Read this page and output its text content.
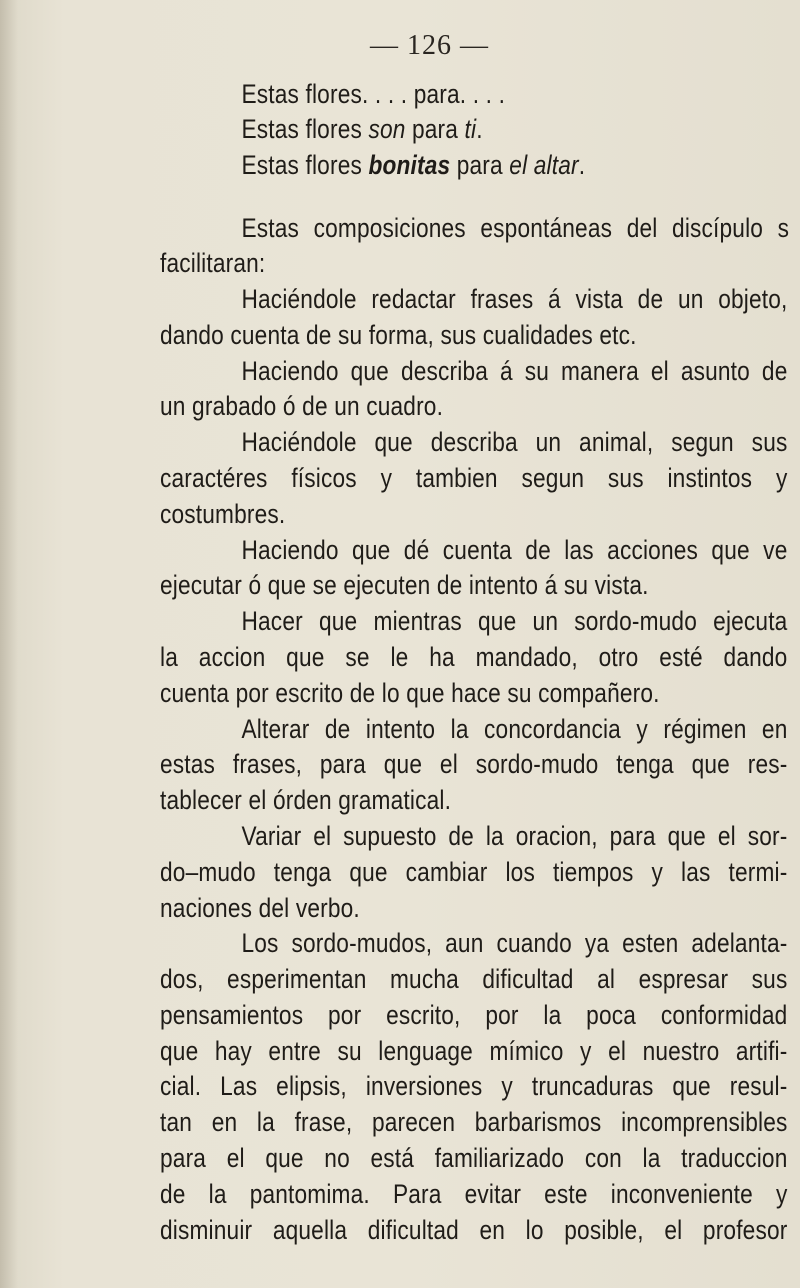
— 126 —
Estas flores. . . . para. . . .
Estas flores son para ti.
Estas flores bonitas para el altar.
Estas composiciones espontáneas del discípulo s
facilitaran:
Haciéndole redactar frases á vista de un objeto,
dando cuenta de su forma, sus cualidades etc.
Haciendo que describa á su manera el asunto de
un grabado ó de un cuadro.
Haciéndole que describa un animal, segun sus
caractéres físicos y tambien segun sus instintos y
costumbres.
Haciendo que dé cuenta de las acciones que ve
ejecutar ó que se ejecuten de intento á su vista.
Hacer que mientras que un sordo-mudo ejecuta
la accion que se le ha mandado, otro esté dando
cuenta por escrito de lo que hace su compañero.
Alterar de intento la concordancia y régimen en
estas frases, para que el sordo-mudo tenga que res-
tablecer el órden gramatical.
Variar el supuesto de la oracion, para que el sor-
do–mudo tenga que cambiar los tiempos y las termi-
naciones del verbo.
Los sordo-mudos, aun cuando ya esten adelanta-
dos, esperimentan mucha dificultad al espresar sus
pensamientos por escrito, por la poca conformidad
que hay entre su lenguage mímico y el nuestro artifi-
cial. Las elipsis, inversiones y truncaduras que resul-
tan en la frase, parecen barbarismos incomprensibles
para el que no está familiarizado con la traduccion
de la pantomima. Para evitar este inconveniente y
disminuir aquella dificultad en lo posible, el profesor
